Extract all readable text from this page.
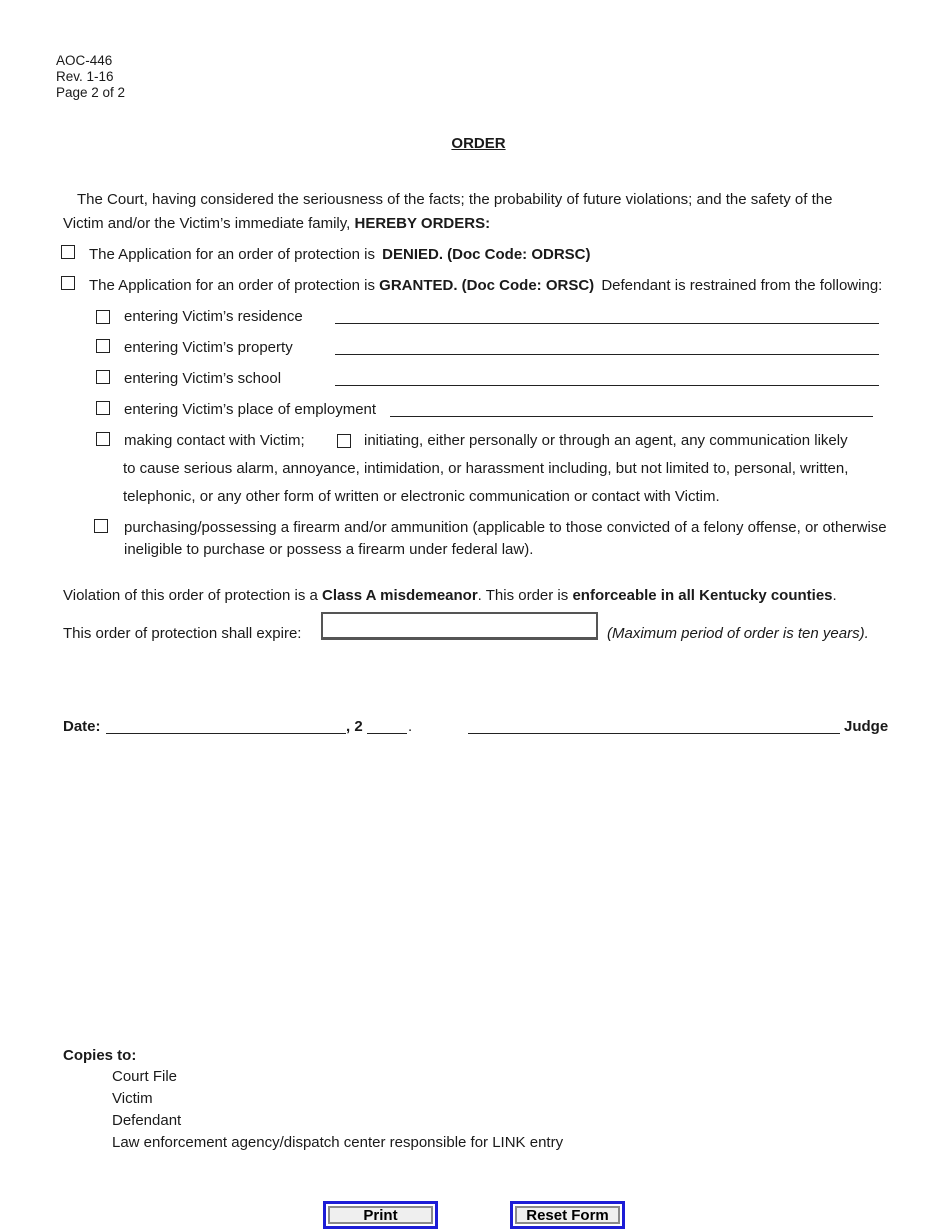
AOC-446
Rev. 1-16
Page 2 of 2
ORDER
The Court, having considered the seriousness of the facts; the probability of future violations; and the safety of the
Victim and/or the Victim’s immediate family, HEREBY ORDERS:
The Application for an order of protection is DENIED. (Doc Code: ODRSC)
The Application for an order of protection is GRANTED. (Doc Code: ORSC) Defendant is restrained from the following:
entering Victim’s residence
entering Victim’s property
entering Victim’s school
entering Victim’s place of employment
making contact with Victim;	initiating, either personally or through an agent, any communication likely
to cause serious alarm, annoyance, intimidation, or harassment including, but not limited to, personal, written,
telephonic, or any other form of written or electronic communication or contact with Victim.
purchasing/possessing a firearm and/or ammunition (applicable to those convicted of a felony offense, or otherwise
ineligible to purchase or possess a firearm under federal law).
Violation of this order of protection is a Class A misdemeanor. This order is enforceable in all Kentucky counties.
This order of protection shall expire:	(Maximum period of order is ten years).
Date:	, 2	.	Judge
Copies to:
Court File
Victim
Defendant
Law enforcement agency/dispatch center responsible for LINK entry
Print	Reset Form
